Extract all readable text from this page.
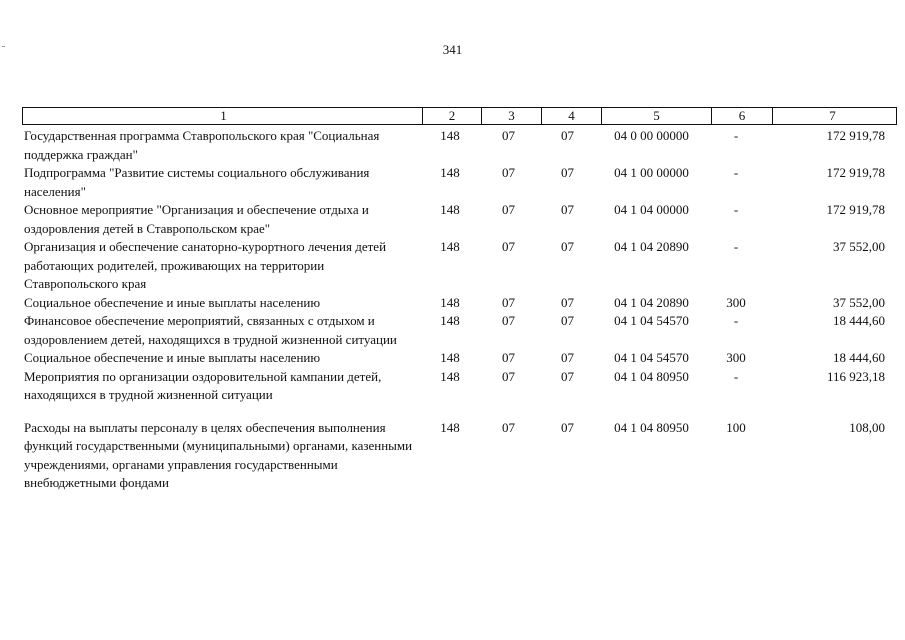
341
1	2	3	4	5	6	7
Государственная программа Ставропольского края "Социальная поддержка граждан"	148	07	07	04 0 00 00000	-	172 919,78
Подпрограмма "Развитие системы социального обслуживания населения"	148	07	07	04 1 00 00000	-	172 919,78
Основное мероприятие "Организация и обеспечение отдыха и оздоровления детей в Ставропольском крае"	148	07	07	04 1 04 00000	-	172 919,78
Организация и обеспечение санаторно-курортного лечения детей работающих родителей, проживающих на территории Ставропольского края	148	07	07	04 1 04 20890	-	37 552,00
Социальное обеспечение и иные выплаты населению	148	07	07	04 1 04 20890	300	37 552,00
Финансовое обеспечение мероприятий, связанных с отдыхом и оздоровлением детей, находящихся в трудной жизненной ситуации	148	07	07	04 1 04 54570	-	18 444,60
Социальное обеспечение и иные выплаты населению	148	07	07	04 1 04 54570	300	18 444,60
Мероприятия по организации оздоровительной кампании детей, находящихся в трудной жизненной ситуации	148	07	07	04 1 04 80950	-	116 923,18

Расходы на выплаты персоналу в целях обеспечения выполнения функций государственными (муниципальными) органами, казенными учреждениями, органами управления государственными внебюджетными фондами	148	07	07	04 1 04 80950	100	108,00
